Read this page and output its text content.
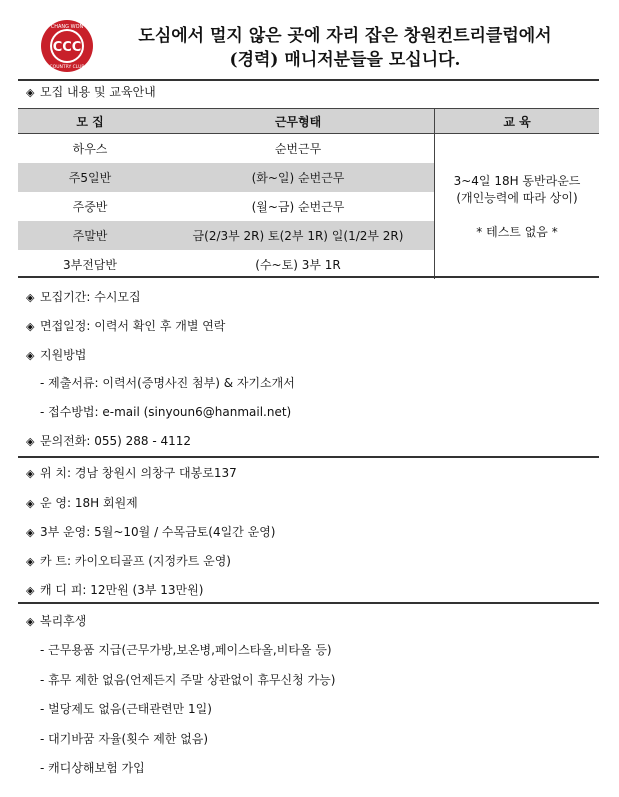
CCC
CHANG WON
COUNTRY CLUB
도심에서 멀지 않은 곳에 자리 잡은 창원컨트리클럽에서
(경력) 매니저분들을 모십니다.
◈ 모집 내용 및 교육안내
모 집	근무형태	교 육
하우스	순번근무	3~4일 18H 동반라운드
(개인능력에 따라 상이)
* 테스트 없음 *

주5일반	(화~일) 순번근무	
주중반	(월~금) 순번근무	
주말반	금(2/3부 2R) 토(2부 1R) 일(1/2부 2R)	
3부전담반	(수~토) 3부 1R	
◈ 모집기간: 수시모집
◈ 면접일정: 이력서 확인 후 개별 연락
◈ 지원방법
- 제출서류: 이력서(증명사진 첨부) & 자기소개서
- 접수방법: e-mail (sinyoun6@hanmail.net)
◈ 문의전화: 055) 288 - 4112
◈ 위 치: 경남 창원시 의창구 대봉로137
◈ 운 영: 18H 회원제
◈ 3부 운영: 5월~10월 / 수목금토(4일간 운영)
◈ 카 트: 카이오티골프 (지정카트 운영)
◈ 캐 디 피: 12만원 (3부 13만원)
◈ 복리후생
- 근무용품 지급(근무가방,보온병,페이스타올,비타올 등)
- 휴무 제한 없음(언제든지 주말 상관없이 휴무신청 가능)
- 벌당제도 없음(근태관련만 1일)
- 대기바꿈 자율(횟수 제한 없음)
- 캐디상해보험 가입
